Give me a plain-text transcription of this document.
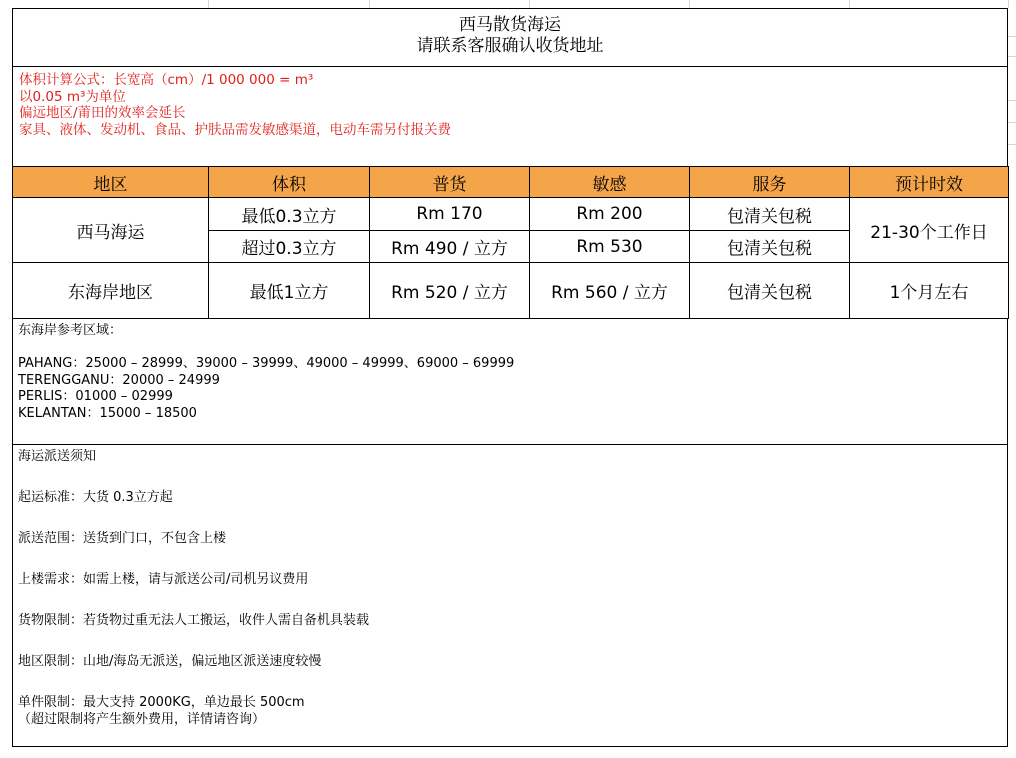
西马散货海运
请联系客服确认收货地址
体积计算公式：长宽高（cm）/1 000 000 = m³
以0.05 m³为单位
偏远地区/莆田的效率会延长
家具、液体、发动机、食品、护肤品需发敏感渠道，电动车需另付报关费
地区	体积	普货	敏感	服务	预计时效
西马海运	最低0.3立方	Rm 170	Rm 200	包清关包税	21-30个工作日
	超过0.3立方	Rm 490 / 立方	Rm 530	包清关包税	
东海岸地区	最低1立方	Rm 520 / 立方	Rm 560 / 立方	包清关包税	1个月左右
东海岸参考区域：
PAHANG：25000 – 28999、39000 – 39999、49000 – 49999、69000 – 69999
TERENGGANU：20000 – 24999
PERLIS：01000 – 02999
KELANTAN：15000 – 18500
海运派送须知
起运标准：大货 0.3立方起
派送范围：送货到门口，不包含上楼
上楼需求：如需上楼，请与派送公司/司机另议费用
货物限制：若货物过重无法人工搬运，收件人需自备机具装载
地区限制：山地/海岛无派送，偏远地区派送速度较慢
单件限制：最大支持 2000KG，单边最长 500cm
（超过限制将产生额外费用，详情请咨询）
